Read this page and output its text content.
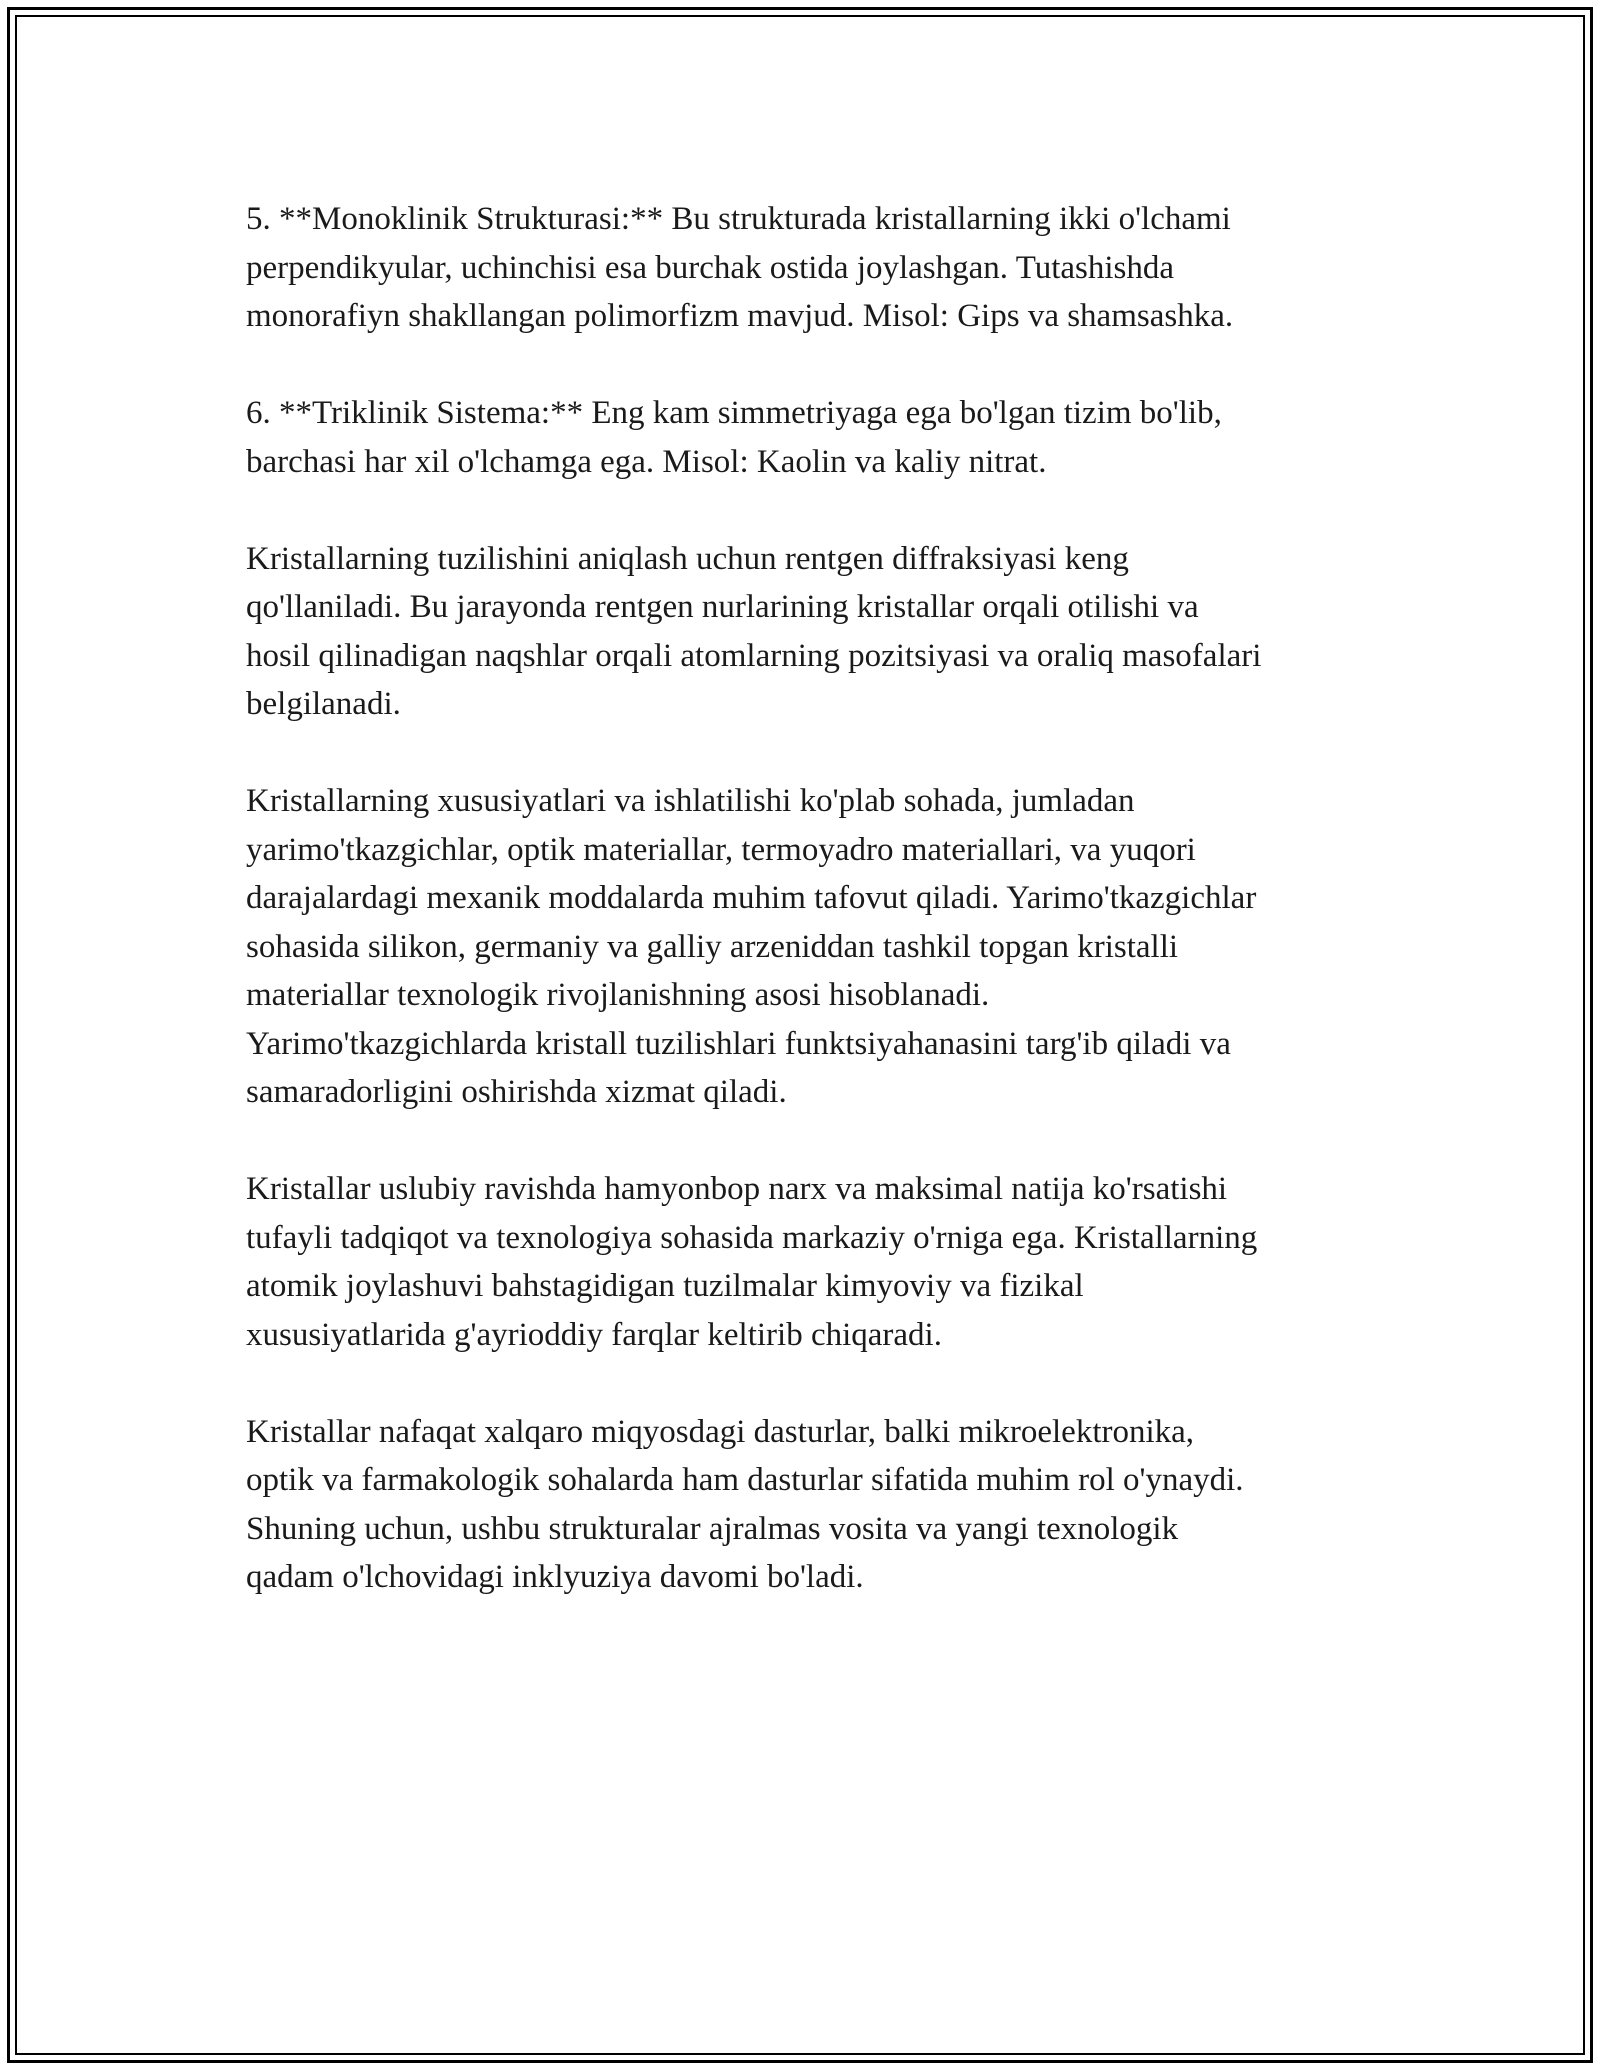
5. **Monoklinik Strukturasi:** Bu strukturada kristallarning ikki o'lchami
perpendikyular, uchinchisi esa burchak ostida joylashgan. Tutashishda
monorafiyn shakllangan polimorfizm mavjud. Misol: Gips va shamsashka.

6. **Triklinik Sistema:** Eng kam simmetriyaga ega bo'lgan tizim bo'lib,
barchasi har xil o'lchamga ega. Misol: Kaolin va kaliy nitrat.

Kristallarning tuzilishini aniqlash uchun rentgen diffraksiyasi keng
qo'llaniladi. Bu jarayonda rentgen nurlarining kristallar orqali otilishi va
hosil qilinadigan naqshlar orqali atomlarning pozitsiyasi va oraliq masofalari
belgilanadi.

Kristallarning xususiyatlari va ishlatilishi ko'plab sohada, jumladan
yarimo'tkazgichlar, optik materiallar, termoyadro materiallari, va yuqori
darajalardagi mexanik moddalarda muhim tafovut qiladi. Yarimo'tkazgichlar
sohasida silikon, germaniy va galliy arzeniddan tashkil topgan kristalli
materiallar texnologik rivojlanishning asosi hisoblanadi.
Yarimo'tkazgichlarda kristall tuzilishlari funktsiyahanasini targ'ib qiladi va
samaradorligini oshirishda xizmat qiladi.

Kristallar uslubiy ravishda hamyonbop narx va maksimal natija ko'rsatishi
tufayli tadqiqot va texnologiya sohasida markaziy o'rniga ega. Kristallarning
atomik joylashuvi bahstagidigan tuzilmalar kimyoviy va fizikal
xususiyatlarida g'ayrioddiy farqlar keltirib chiqaradi.

Kristallar nafaqat xalqaro miqyosdagi dasturlar, balki mikroelektronika,
optik va farmakologik sohalarda ham dasturlar sifatida muhim rol o'ynaydi.
Shuning uchun, ushbu strukturalar ajralmas vosita va yangi texnologik
qadam o'lchovidagi inklyuziya davomi bo'ladi.
